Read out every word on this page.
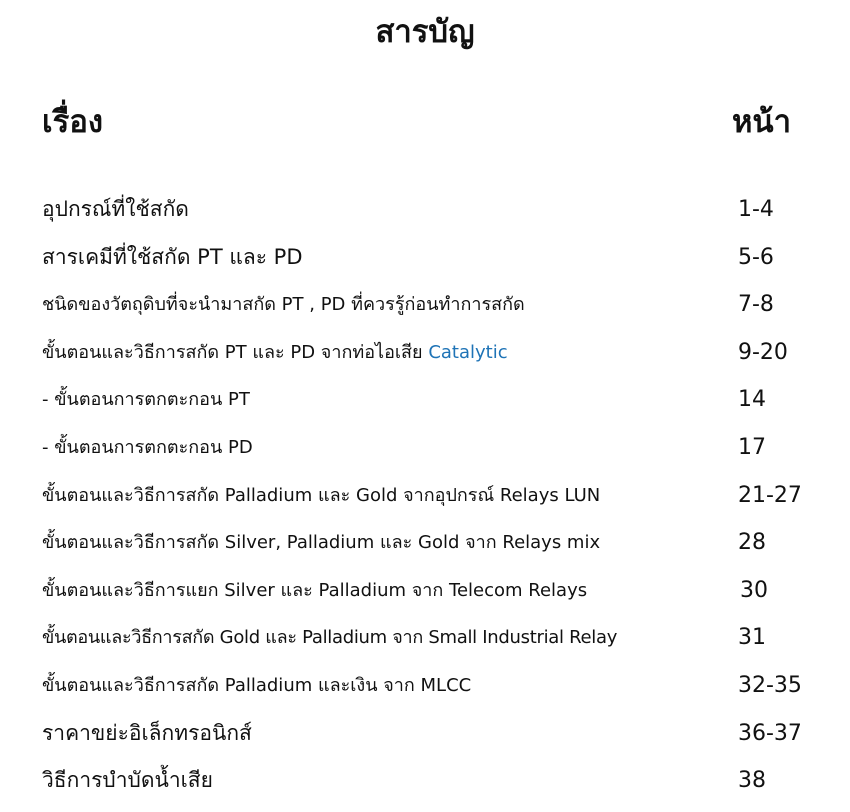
สารบัญ
เรื่อง	หน้า
อุปกรณ์ที่ใช้สกัด	1-4
สารเคมีที่ใช้สกัด PT และ PD	5-6
ชนิดของวัตถุดิบที่จะนำมาสกัด PT , PD ที่ควรรู้ก่อนทำการสกัด	7-8
ขั้นตอนและวิธีการสกัด PT และ PD จากท่อไอเสีย Catalytic	9-20
- ขั้นตอนการตกตะกอน PT	14
- ขั้นตอนการตกตะกอน PD	17
ขั้นตอนและวิธีการสกัด Palladium และ Gold จากอุปกรณ์ Relays LUN	21-27
ขั้นตอนและวิธีการสกัด Silver, Palladium และ Gold จาก Relays mix	28
ขั้นตอนและวิธีการแยก Silver และ Palladium จาก Telecom Relays	30
ขั้นตอนและวิธีการสกัด Gold และ Palladium จาก Small Industrial Relay	31
ขั้นตอนและวิธีการสกัด Palladium และเงิน จาก MLCC	32-35
ราคาขย่ะอิเล็กทรอนิกส์	36-37
วิธีการบำบัดน้ำเสีย	38
